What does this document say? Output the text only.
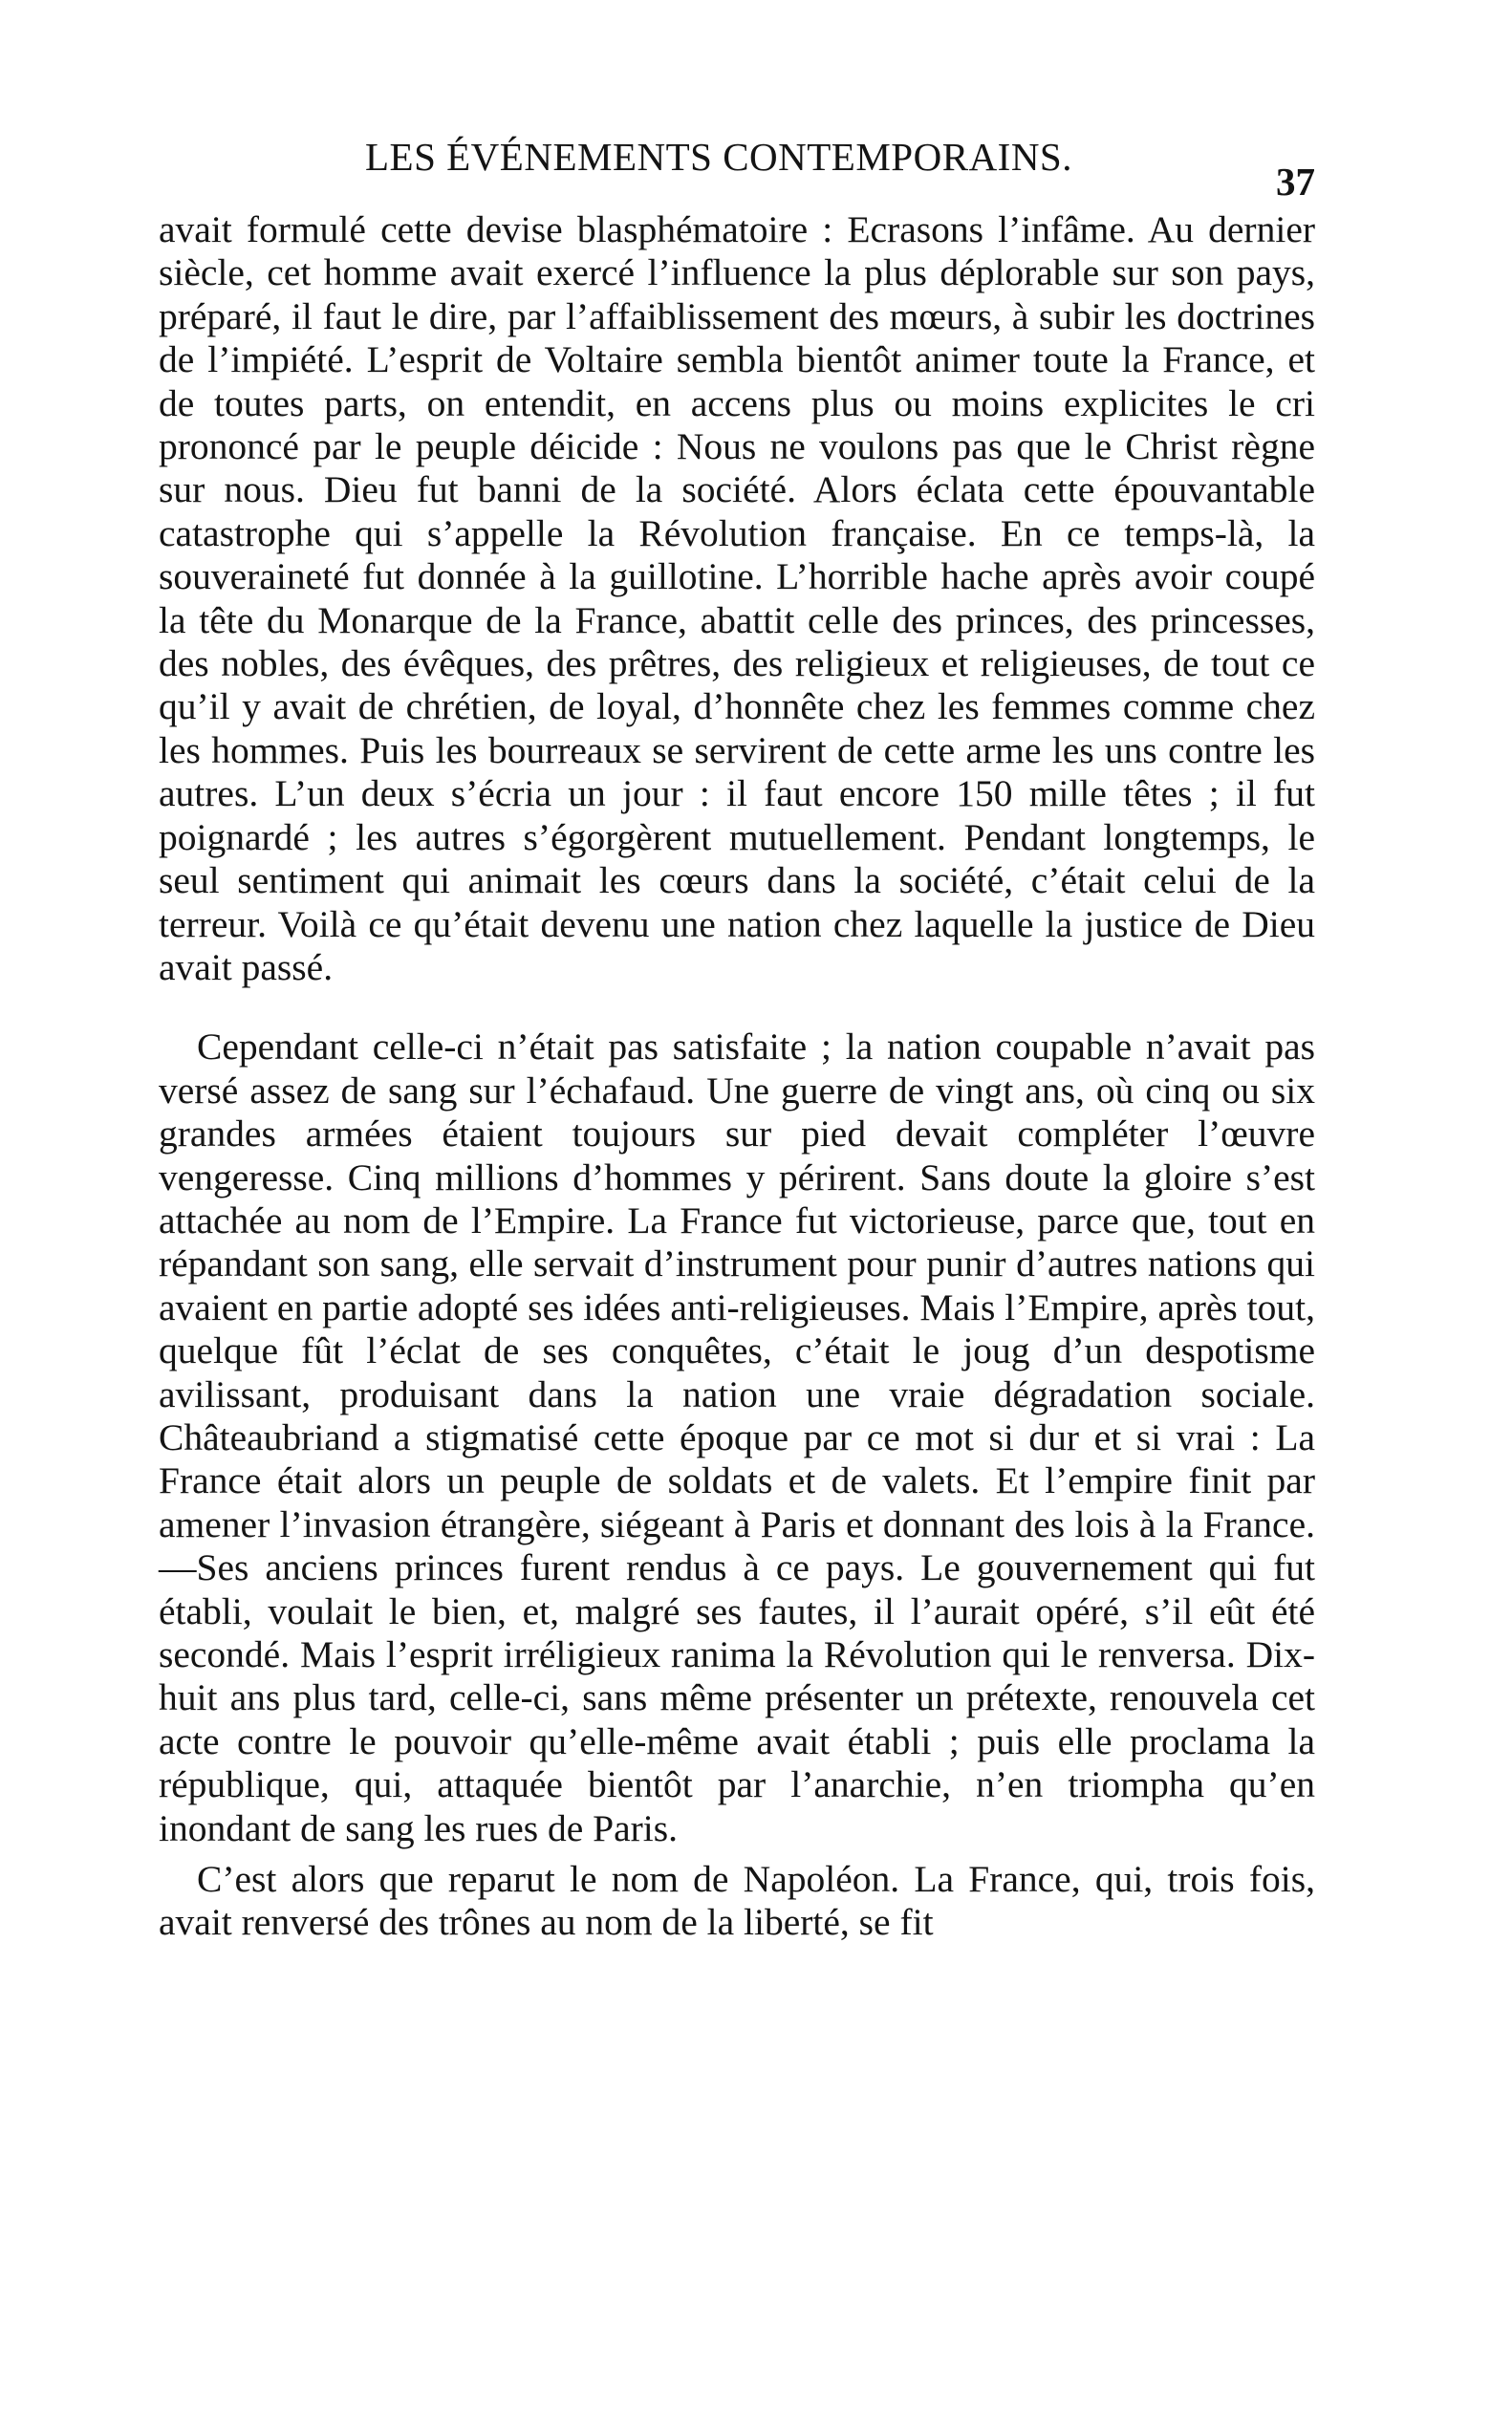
LES ÉVÉNEMENTS CONTEMPORAINS.
37

avait formulé cette devise blasphématoire : Ecrasons l’infâme. Au dernier siècle, cet homme avait exercé l’influence la plus déplorable sur son pays, préparé, il faut le dire, par l’affaiblissement des mœurs, à subir les doctrines de l’impiété. L’esprit de Voltaire sembla bientôt animer toute la France, et de toutes parts, on entendit, en accens plus ou moins explicites le cri prononcé par le peuple déicide : Nous ne voulons pas que le Christ règne sur nous. Dieu fut banni de la société. Alors éclata cette épouvantable catastrophe qui s’appelle la Révolution française. En ce temps-là, la souveraineté fut donnée à la guillotine. L’horrible hache après avoir coupé la tête du Monarque de la France, abattit celle des princes, des princesses, des nobles, des évêques, des prêtres, des religieux et religieuses, de tout ce qu’il y avait de chrétien, de loyal, d’honnête chez les femmes comme chez les hommes. Puis les bourreaux se servirent de cette arme les uns contre les autres. L’un deux s’écria un jour : il faut encore 150 mille têtes ; il fut poignardé ; les autres s’égorgèrent mutuellement. Pendant longtemps, le seul sentiment qui animait les cœurs dans la société, c’était celui de la terreur. Voilà ce qu’était devenu une nation chez laquelle la justice de Dieu avait passé.

Cependant celle-ci n’était pas satisfaite ; la nation coupable n’avait pas versé assez de sang sur l’échafaud. Une guerre de vingt ans, où cinq ou six grandes armées étaient toujours sur pied devait compléter l’œuvre vengeresse. Cinq millions d’hommes y périrent. Sans doute la gloire s’est attachée au nom de l’Empire. La France fut victorieuse, parce que, tout en répandant son sang, elle servait d’instrument pour punir d’autres nations qui avaient en partie adopté ses idées anti-religieuses. Mais l’Empire, après tout, quelque fût l’éclat de ses conquêtes, c’était le joug d’un despotisme avilissant, produisant dans la nation une vraie dégradation sociale. Châteaubriand a stigmatisé cette époque par ce mot si dur et si vrai : La France était alors un peuple de soldats et de valets. Et l’empire finit par amener l’invasion étrangère, siégeant à Paris et donnant des lois à la France.—Ses anciens princes furent rendus à ce pays. Le gouvernement qui fut établi, voulait le bien, et, malgré ses fautes, il l’aurait opéré, s’il eût été secondé. Mais l’esprit irréligieux ranima la Révolution qui le renversa. Dix-huit ans plus tard, celle-ci, sans même présenter un prétexte, renouvela cet acte contre le pouvoir qu’elle-même avait établi ; puis elle proclama la république, qui, attaquée bientôt par l’anarchie, n’en triompha qu’en inondant de sang les rues de Paris.

C’est alors que reparut le nom de Napoléon. La France, qui, trois fois, avait renversé des trônes au nom de la liberté, se fit
